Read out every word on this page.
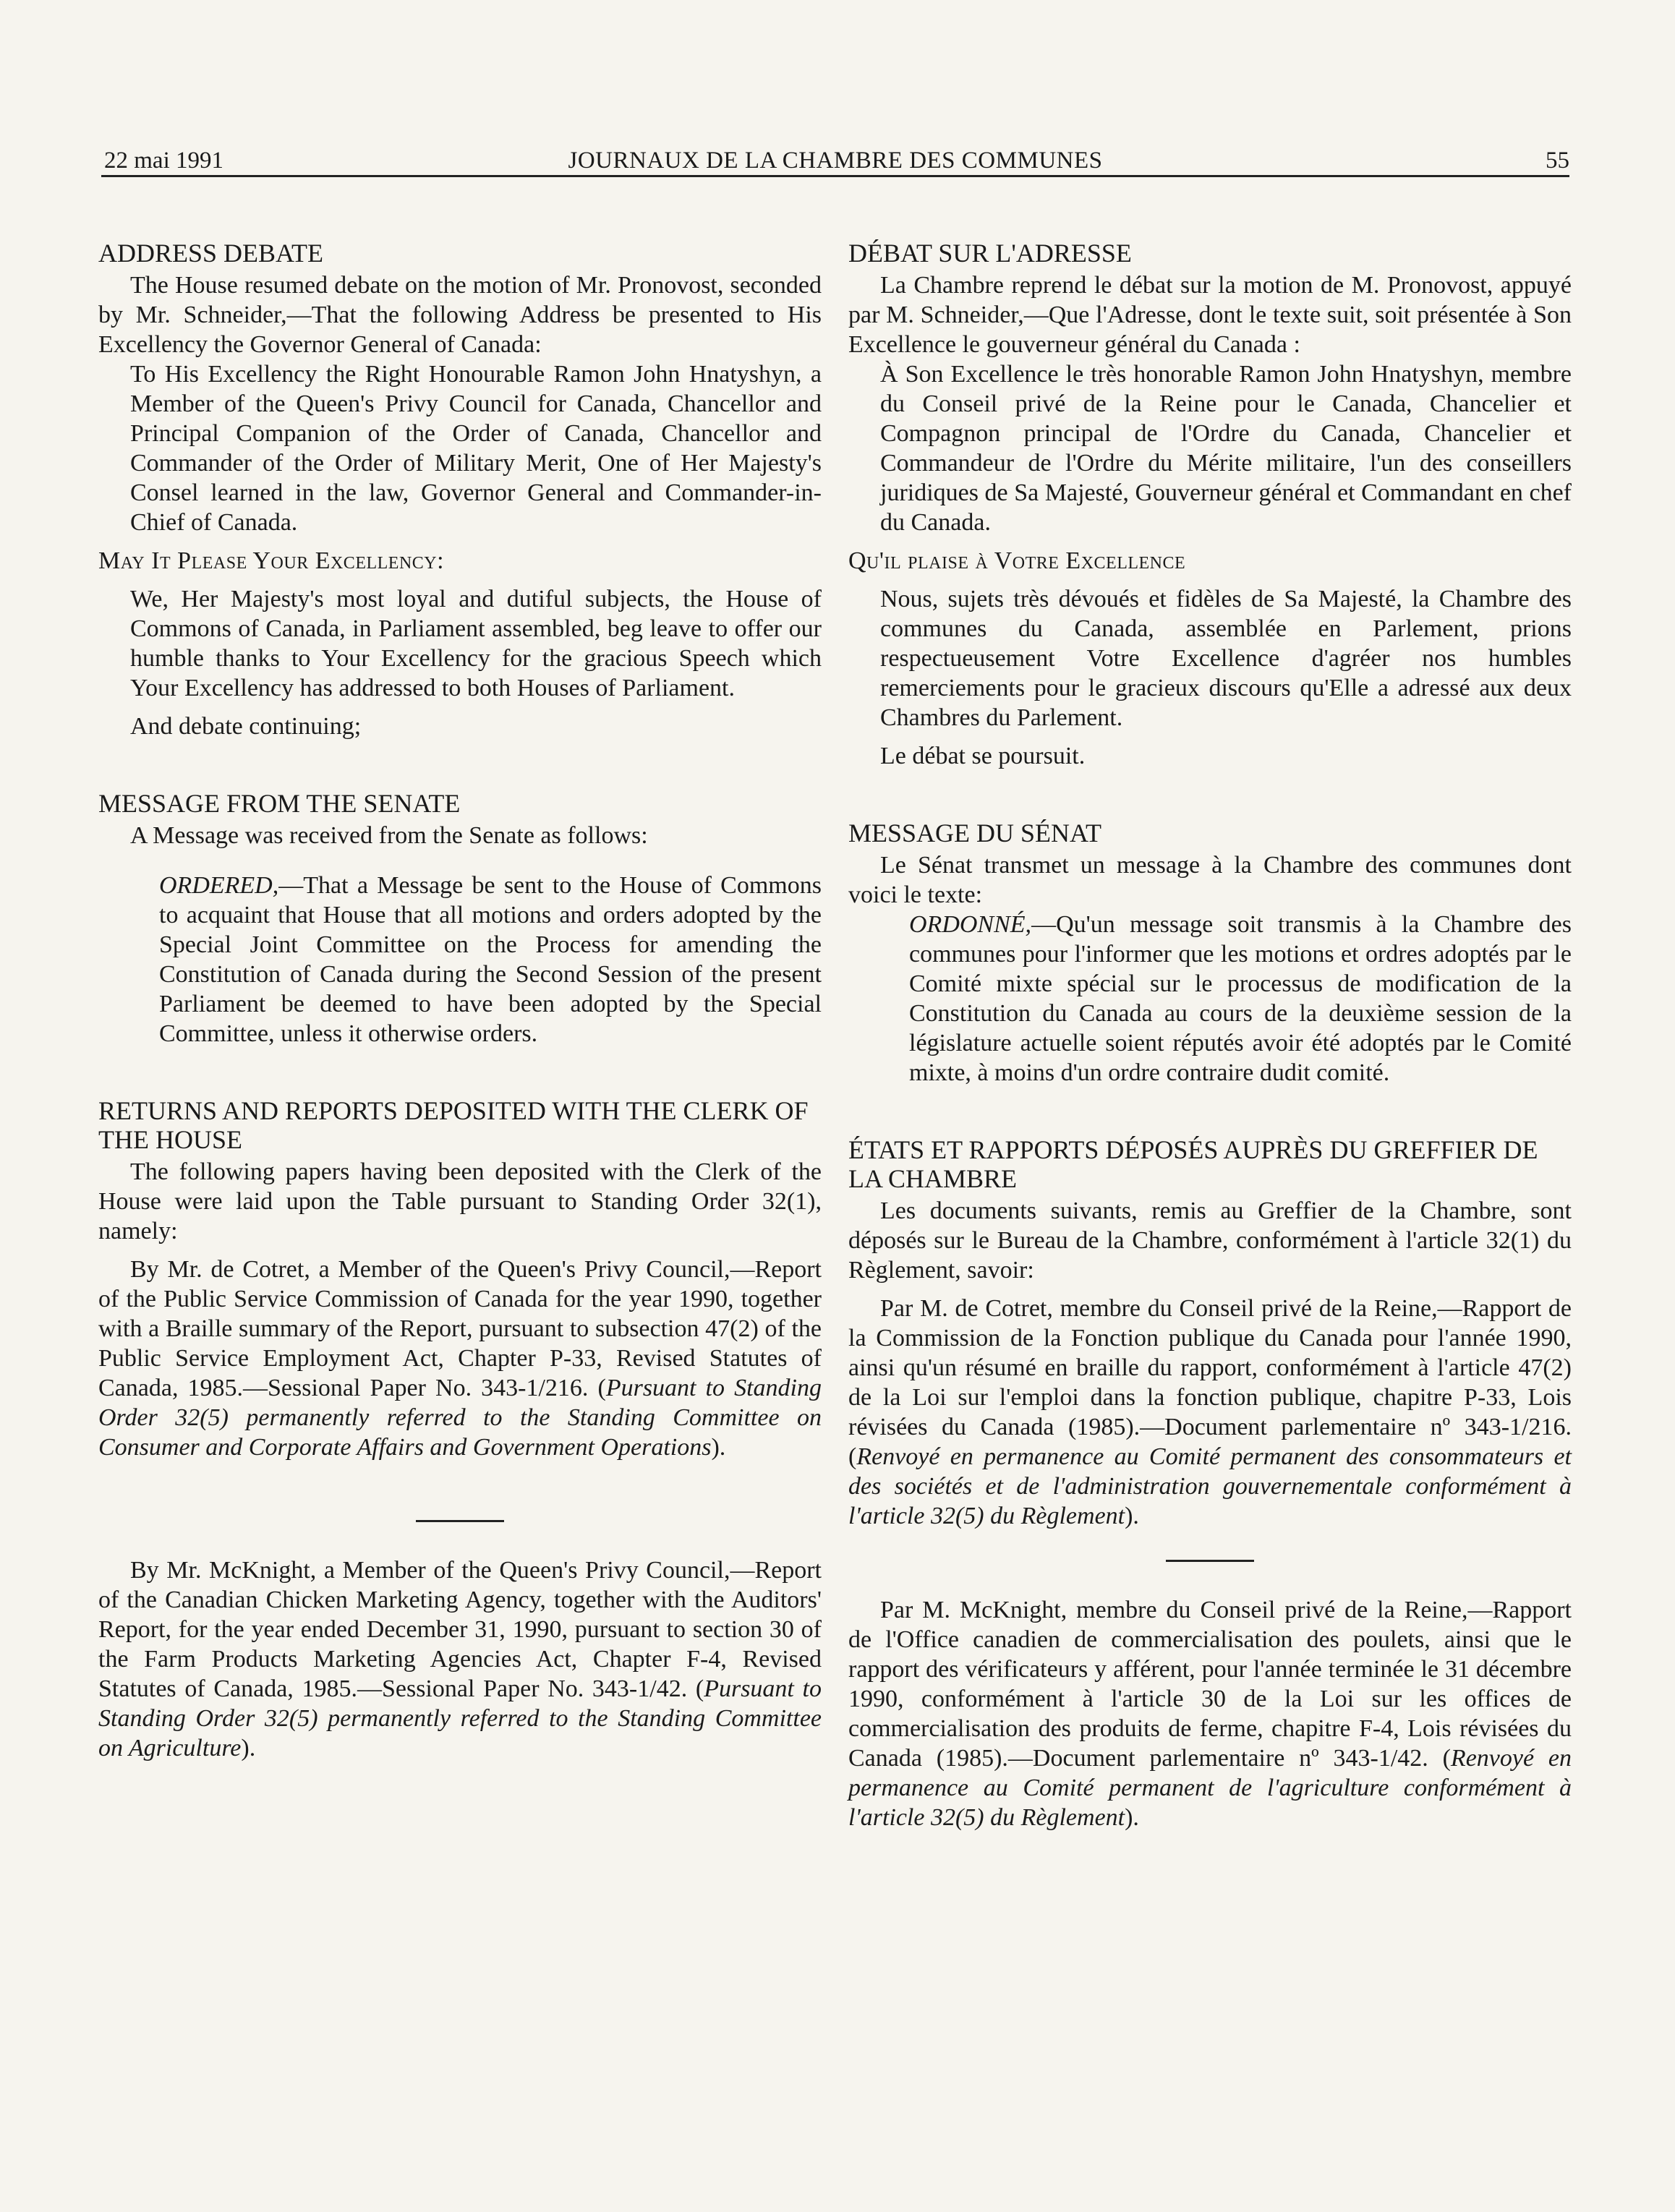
22 mai 1991	JOURNAUX DE LA CHAMBRE DES COMMUNES	55
ADDRESS DEBATE

The House resumed debate on the motion of Mr. Pronovost, seconded by Mr. Schneider,—That the following Address be presented to His Excellency the Governor General of Canada:

To His Excellency the Right Honourable Ramon John Hnatyshyn, a Member of the Queen's Privy Council for Canada, Chancellor and Principal Companion of the Order of Canada, Chancellor and Commander of the Order of Military Merit, One of Her Majesty's Consel learned in the law, Governor General and Commander-in-Chief of Canada.

May It Please Your Excellency:

We, Her Majesty's most loyal and dutiful subjects, the House of Commons of Canada, in Parliament assembled, beg leave to offer our humble thanks to Your Excellency for the gracious Speech which Your Excellency has addressed to both Houses of Parliament.

And debate continuing;

MESSAGE FROM THE SENATE

A Message was received from the Senate as follows:

ORDERED,—That a Message be sent to the House of Commons to acquaint that House that all motions and orders adopted by the Special Joint Committee on the Process for amending the Constitution of Canada during the Second Session of the present Parliament be deemed to have been adopted by the Special Committee, unless it otherwise orders.

RETURNS AND REPORTS DEPOSITED WITH THE CLERK OF THE HOUSE

The following papers having been deposited with the Clerk of the House were laid upon the Table pursuant to Standing Order 32(1), namely:

By Mr. de Cotret, a Member of the Queen's Privy Council,—Report of the Public Service Commission of Canada for the year 1990, together with a Braille summary of the Report, pursuant to subsection 47(2) of the Public Service Employment Act, Chapter P-33, Revised Statutes of Canada, 1985.—Sessional Paper No. 343-1/216. (Pursuant to Standing Order 32(5) permanently referred to the Standing Committee on Consumer and Corporate Affairs and Government Operations).

By Mr. McKnight, a Member of the Queen's Privy Council,—Report of the Canadian Chicken Marketing Agency, together with the Auditors' Report, for the year ended December 31, 1990, pursuant to section 30 of the Farm Products Marketing Agencies Act, Chapter F-4, Revised Statutes of Canada, 1985.—Sessional Paper No. 343-1/42. (Pursuant to Standing Order 32(5) permanently referred to the Standing Committee on Agriculture).

DÉBAT SUR L'ADRESSE

La Chambre reprend le débat sur la motion de M. Pronovost, appuyé par M. Schneider,—Que l'Adresse, dont le texte suit, soit présentée à Son Excellence le gouverneur général du Canada :

À Son Excellence le très honorable Ramon John Hnatyshyn, membre du Conseil privé de la Reine pour le Canada, Chancelier et Compagnon principal de l'Ordre du Canada, Chancelier et Commandeur de l'Ordre du Mérite militaire, l'un des conseillers juridiques de Sa Majesté, Gouverneur général et Commandant en chef du Canada.

Qu'il plaise à Votre Excellence

Nous, sujets très dévoués et fidèles de Sa Majesté, la Chambre des communes du Canada, assemblée en Parlement, prions respectueusement Votre Excellence d'agréer nos humbles remerciements pour le gracieux discours qu'Elle a adressé aux deux Chambres du Parlement.

Le débat se poursuit.

MESSAGE DU SÉNAT

Le Sénat transmet un message à la Chambre des communes dont voici le texte:

ORDONNÉ,—Qu'un message soit transmis à la Chambre des communes pour l'informer que les motions et ordres adoptés par le Comité mixte spécial sur le processus de modification de la Constitution du Canada au cours de la deuxième session de la législature actuelle soient réputés avoir été adoptés par le Comité mixte, à moins d'un ordre contraire dudit comité.

ÉTATS ET RAPPORTS DÉPOSÉS AUPRÈS DU GREFFIER DE LA CHAMBRE

Les documents suivants, remis au Greffier de la Chambre, sont déposés sur le Bureau de la Chambre, conformément à l'article 32(1) du Règlement, savoir:

Par M. de Cotret, membre du Conseil privé de la Reine,—Rapport de la Commission de la Fonction publique du Canada pour l'année 1990, ainsi qu'un résumé en braille du rapport, conformément à l'article 47(2) de la Loi sur l'emploi dans la fonction publique, chapitre P-33, Lois révisées du Canada (1985).—Document parlementaire nº 343-1/216. (Renvoyé en permanence au Comité permanent des consommateurs et des sociétés et de l'administration gouvernementale conformément à l'article 32(5) du Règlement).

Par M. McKnight, membre du Conseil privé de la Reine,—Rapport de l'Office canadien de commercialisation des poulets, ainsi que le rapport des vérificateurs y afférent, pour l'année terminée le 31 décembre 1990, conformément à l'article 30 de la Loi sur les offices de commercialisation des produits de ferme, chapitre F-4, Lois révisées du Canada (1985).—Document parlementaire nº 343-1/42. (Renvoyé en permanence au Comité permanent de l'agriculture conformément à l'article 32(5) du Règlement).
